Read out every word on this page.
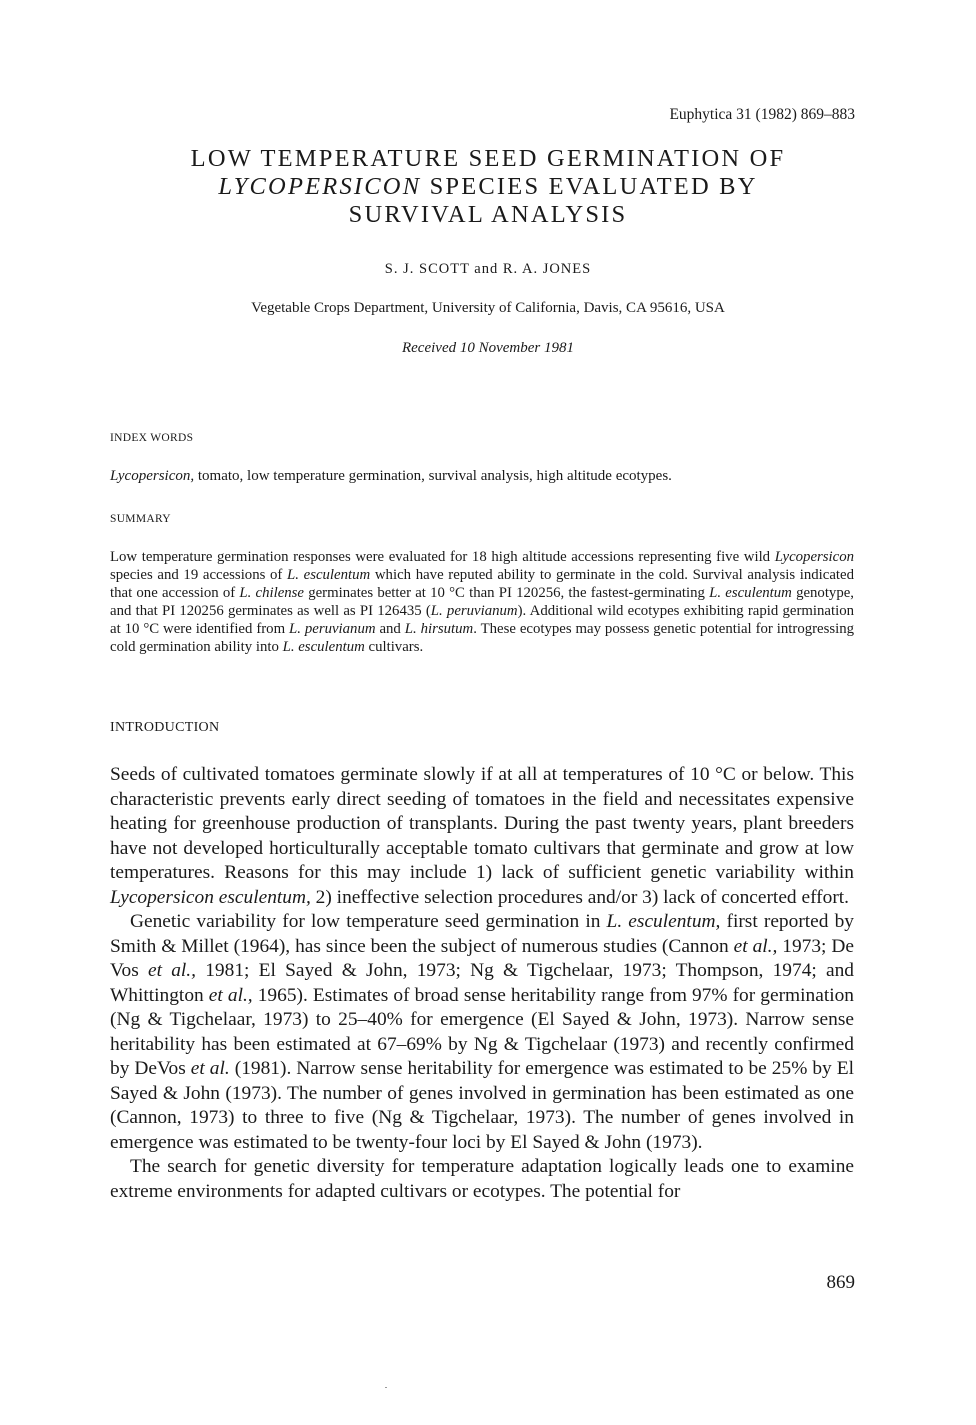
Euphytica 31 (1982) 869–883
LOW TEMPERATURE SEED GERMINATION OF
LYCOPERSICON SPECIES EVALUATED BY
SURVIVAL ANALYSIS
S. J. SCOTT and R. A. JONES
Vegetable Crops Department, University of California, Davis, CA 95616, USA
Received 10 November 1981
INDEX WORDS
Lycopersicon, tomato, low temperature germination, survival analysis, high altitude ecotypes.
SUMMARY
Low temperature germination responses were evaluated for 18 high altitude accessions representing five wild Lycopersicon species and 19 accessions of L. esculentum which have reputed ability to germinate in the cold. Survival analysis indicated that one accession of L. chilense germinates better at 10 °C than PI 120256, the fastest-germinating L. esculentum genotype, and that PI 120256 germinates as well as PI 126435 (L. peruvianum). Additional wild ecotypes exhibiting rapid germination at 10 °C were identified from L. peruvianum and L. hirsutum. These ecotypes may possess genetic potential for introgressing cold germination ability into L. esculentum cultivars.
INTRODUCTION

Seeds of cultivated tomatoes germinate slowly if at all at temperatures of 10 °C or below. This characteristic prevents early direct seeding of tomatoes in the field and necessitates expensive heating for greenhouse production of transplants. During the past twenty years, plant breeders have not developed horticulturally acceptable tomato cultivars that germinate and grow at low temperatures. Reasons for this may include 1) lack of sufficient genetic variability within Lycopersicon esculentum, 2) ineffective selection procedures and/or 3) lack of concerted effort.

Genetic variability for low temperature seed germination in L. esculentum, first reported by Smith & Millet (1964), has since been the subject of numerous studies (Cannon et al., 1973; De Vos et al., 1981; El Sayed & John, 1973; Ng & Tigchelaar, 1973; Thompson, 1974; and Whittington et al., 1965). Estimates of broad sense heritability range from 97% for germination (Ng & Tigchelaar, 1973) to 25–40% for emergence (El Sayed & John, 1973). Narrow sense heritability has been estimated at 67–69% by Ng & Tigchelaar (1973) and recently confirmed by DeVos et al. (1981). Narrow sense heritability for emergence was estimated to be 25% by El Sayed & John (1973). The number of genes involved in germination has been estimated as one (Cannon, 1973) to three to five (Ng & Tigchelaar, 1973). The number of genes involved in emergence was estimated to be twenty-four loci by El Sayed & John (1973).

The search for genetic diversity for temperature adaptation logically leads one to examine extreme environments for adapted cultivars or ecotypes. The potential for

869
